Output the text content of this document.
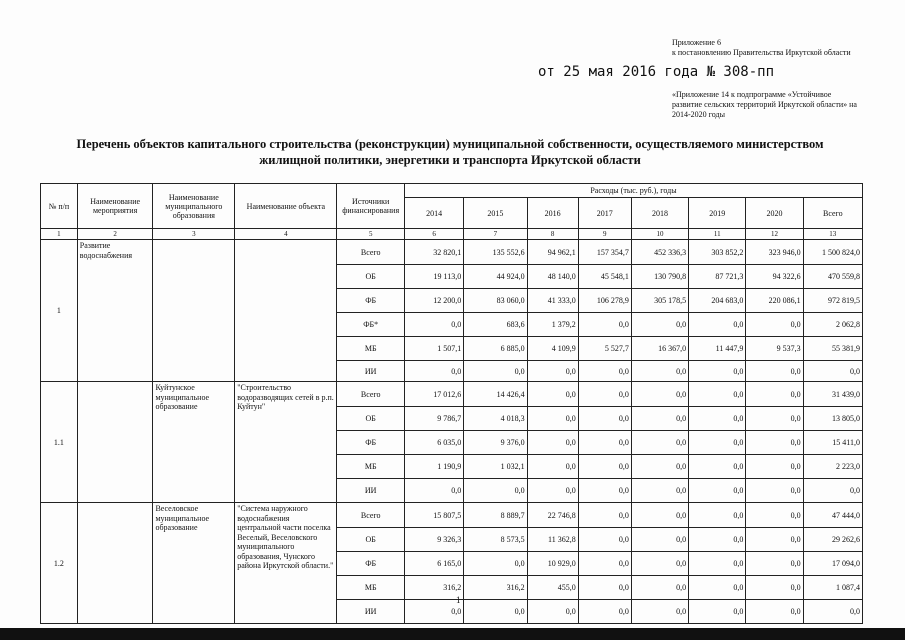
Приложение 6
к постановлению Правительства Иркутской области
от 25 мая 2016 года № 308-пп
«Приложение 14 к подпрограмме «Устойчивое
развитие сельских территорий Иркутской области» на
2014-2020 годы
Перечень объектов капитального строительства (реконструкции) муниципальной собственности, осуществляемого министерством
жилищной политики, энергетики и транспорта Иркутской области
№ п/п	Наименование мероприятия	Наименование муниципального образования	Наименование объекта	Источники финансирования	Расходы (тыс. руб.), годы							
					2014	2015	2016	2017	2018	2019	2020	Всего
1	2	3	4	5	6	7	8	9	10	11	12	13
1	Развитие водоснабжения			Всего	32 820,1	135 552,6	94 962,1	157 354,7	452 336,3	303 852,2	323 946,0	1 500 824,0
				ОБ	19 113,0	44 924,0	48 140,0	45 548,1	130 790,8	87 721,3	94 322,6	470 559,8
				ФБ	12 200,0	83 060,0	41 333,0	106 278,9	305 178,5	204 683,0	220 086,1	972 819,5
				ФБ*	0,0	683,6	1 379,2	0,0	0,0	0,0	0,0	2 062,8
				МБ	1 507,1	6 885,0	4 109,9	5 527,7	16 367,0	11 447,9	9 537,3	55 381,9
				ИИ	0,0	0,0	0,0	0,0	0,0	0,0	0,0	0,0
1.1		Куйтунское муниципальное образование	"Строительство водоразводящих сетей в р.п. Куйтун"	Всего	17 012,6	14 426,4	0,0	0,0	0,0	0,0	0,0	31 439,0
				ОБ	9 786,7	4 018,3	0,0	0,0	0,0	0,0	0,0	13 805,0
				ФБ	6 035,0	9 376,0	0,0	0,0	0,0	0,0	0,0	15 411,0
				МБ	1 190,9	1 032,1	0,0	0,0	0,0	0,0	0,0	2 223,0
				ИИ	0,0	0,0	0,0	0,0	0,0	0,0	0,0	0,0
1.2		Веселовское муниципальное образование	"Система наружного водоснабжения центральной части поселка Веселый, Веселовского муниципального образования, Чунского района Иркутской области."	Всего	15 807,5	8 889,7	22 746,8	0,0	0,0	0,0	0,0	47 444,0
				ОБ	9 326,3	8 573,5	11 362,8	0,0	0,0	0,0	0,0	29 262,6
				ФБ	6 165,0	0,0	10 929,0	0,0	0,0	0,0	0,0	17 094,0
				МБ	316,2	316,2	455,0	0,0	0,0	0,0	0,0	1 087,4
				ИИ	0,0	0,0	0,0	0,0	0,0	0,0	0,0	0,0
1
